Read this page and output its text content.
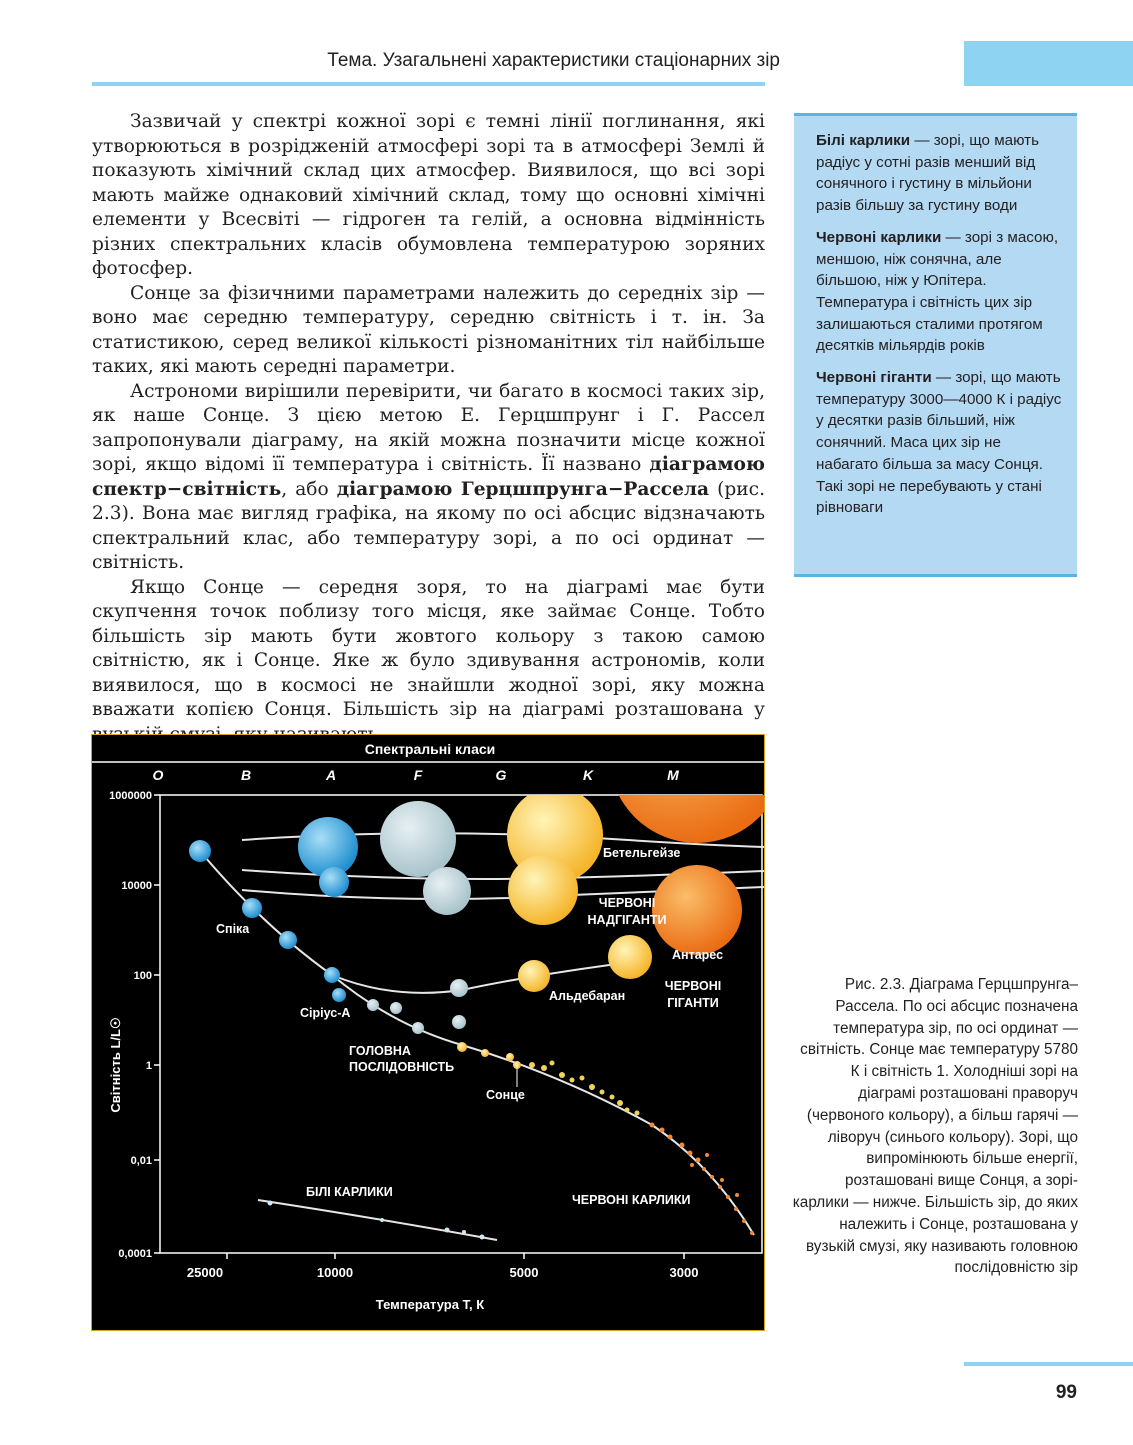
Тема. Узагальнені характеристики стаціонарних зір

Зазвичай у спектрі кожної зорі є темні лінії поглинання, які утворюються в розрідженій атмосфері зорі та в атмосфері Землі й показують хімічний склад цих атмосфер. Виявилося, що всі зорі мають майже однаковий хімічний склад, тому що основні хімічні елементи у Всесвіті — гідроген та гелій, а основна відмінність різних спектральних класів обумовлена температурою зоряних фотосфер.

Сонце за фізичними параметрами належить до середніх зір — воно має середню температуру, середню світність і т. ін. За статистикою, серед великої кількості різноманітних тіл найбільше таких, які мають середні параметри.

Астрономи вирішили перевірити, чи багато в космосі таких зір, як наше Сонце. З цією метою Е. Герцшпрунг і Г. Рассел запропонували діаграму, на якій можна позначити місце кожної зорі, якщо відомі її температура і світність. Її названо діаграмою спектр−світність, або діаграмою Герцшпрунга−Рассела (рис. 2.3). Вона має вигляд графіка, на якому по осі абсцис відзначають спектральний клас, або температуру зорі, а по осі ординат — світність.

Якщо Сонце — середня зоря, то на діаграмі має бути скупчення точок поблизу того місця, яке займає Сонце. Тобто більшість зір мають бути жовтого кольору з такою самою світністю, як і Сонце. Яке ж було здивування астрономів, коли виявилося, що в космосі не знайшли жодної зорі, яку можна вважати копією Сонця. Більшість зір на діаграмі розташована у

Білі карлики — зорі, що мають радіус у сотні разів менший від сонячного і густину в мільйони разів більшу за густину води

Червоні карлики — зорі з масою, меншою, ніж сонячна, але більшою, ніж у Юпітера. Температура і світність цих зір залишаються сталими протягом десятків мільярдів років

Червоні гіганти — зорі, що мають температуру 3000—4000 К і радіус у десятки разів більший, ніж сонячний. Маса цих зір не набагато більша за масу Сонця. Такі зорі не перебувають у стані рівноваги

Спектральні класи
O	B	A	F	G	K	M
1000000
10000
100
1
0,01
0,0001
25000	10000	5000	3000
Температура T, К
Світність L/L☉
Бетельгейзе
ЧЕРВОНІ
НАДГІГАНТИ
Антарес
Спіка
Альдебаран
ЧЕРВОНІ
ГІГАНТИ
Сіріус-А
ГОЛОВНА
ПОСЛІДОВНІСТЬ
Сонце
БІЛІ КАРЛИКИ
ЧЕРВОНІ КАРЛИКИ
Рис. 2.3. Діаграма Герцшпрунга–Рассела. По осі абсцис позначена температура зір, по осі ординат — світність. Сонце має температуру 5780 К і світність 1. Холодніші зорі на діаграмі розташовані праворуч (червоного кольору), а більш гарячі — ліворуч (синього кольору). Зорі, що випромінюють більше енергії, розташовані вище Сонця, а зорі-карлики — нижче. Більшість зір, до яких належить і Сонце, розташована у вузькій смузі, яку називають головною послідовністю зір
99
